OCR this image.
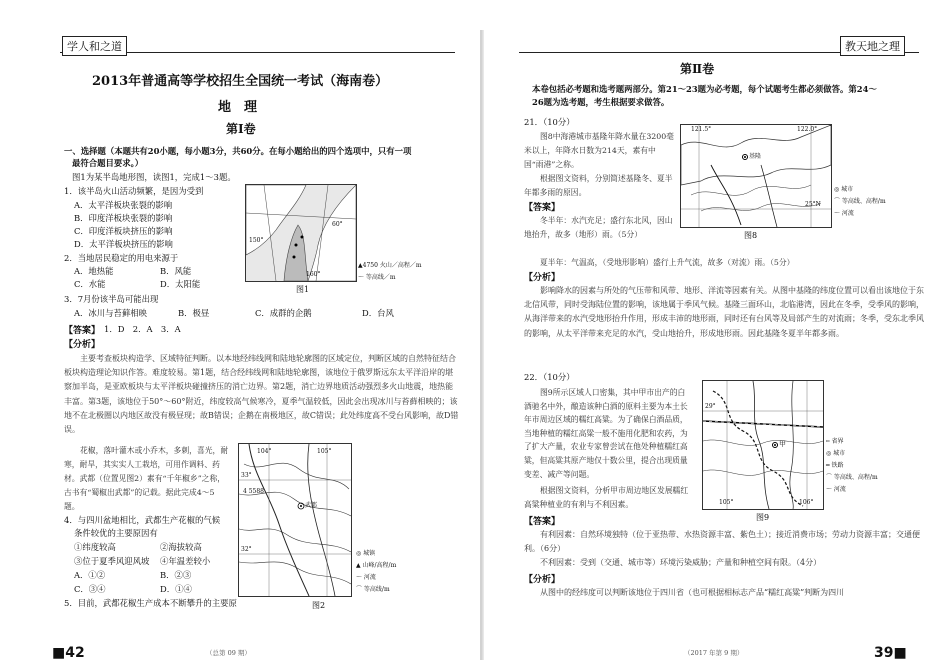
学人和之道
2013年普通高等学校招生全国统一考试（海南卷）
地　理
第Ⅰ卷
一、选择题（本题共有20小题，每小题3分，共60分。在每小题给出的四个选项中，只有一项
最符合题目要求。）
图1为某半岛地形图，读图1，完成1～3题。
1．该半岛火山活动频繁，是因为受到
A．太平洋板块张裂的影响
B．印度洋板块张裂的影响
C．印度洋板块挤压的影响
D．太平洋板块挤压的影响
2．当地居民稳定的用电来源于
A．地热能	B．风能
C．水能	D．太阳能
3．7月份该半岛可能出现
A．冰川与苔藓相映	B．极昼	C．成群的企鹅	D．台风
60°
150°
160°
▲4750 火山／高程／m
～ 等高线／m
图1
【答案】 1．D　2．A　3．A
【分析】
主要考查板块构造学、区域特征判断。以本地经纬线网和陆地轮廓图的区域定位，判断区域的自然特征结合板块构造理论知识作答。难度较易。第1题，结合经纬线网和陆地轮廓图，该地位于俄罗斯远东太平洋沿岸的堪察加半岛，是亚欧板块与太平洋板块碰撞挤压的消亡边界。第2题，消亡边界地质活动强烈多火山地震，地热能丰富。第3题，该地位于50°～60°附近，纬度较高气候寒冷，夏季气温较低，因此会出现冰川与苔藓相映的；该地不在北极圈以内地区故没有极昼现；故B错误；企鹅在南极地区，故C错误；此处纬度高不受台风影响，故D错误。
花椒，落叶灌木或小乔木，多刺，喜光，耐寒，耐旱，其实实人工栽培，可用作调料、药材。武都（位置见图2）素有“千年椒乡”之称，古书有“蜀椒出武都”的记载。据此完成4～5题。
4．与四川盆地相比，武都生产花椒的气候
条件较优的主要原因有
①纬度较高	②海拔较高
③位于夏季风迎风坡 ④年温差较小
A．①②	B．②③
C．③④	D．①④
5．目前，武都花椒生产成本不断攀升的主要原
33°
32°
104°	105°
4 5588
武都
◎ 城镇
▲ 山峰/高程/m
～ 河流
⌒ 等高线/m
图2
■42	（总第 09 期）
教天地之理
第Ⅱ卷
本卷包括必考题和选考题两部分。第21～23题为必考题，每个试题考生都必须做答。第24～
26题为选考题，考生根据要求做答。
21．（10分）
图8中海港城市基隆年降水量在3200毫米以上，年降水日数为214天，素有中国“雨港”之称。
根据图文资料，分别简述基隆冬、夏半年都多雨的原因。
【答案】
冬半年：水汽充足；盛行东北风，因山地抬升，故多（地形）雨。（5分）
夏半年：气温高，（受地形影响）盛行上升气流，故多（对流）雨。（5分）
【分析】
影响降水的因素与所处的气压带和风带、地形、洋流等因素有关。从图中基隆的纬度位置可以看出该地位于东北信风带，同时受海陆位置的影响，该地属于季风气候。基隆三面环山，北临港湾，因此在冬季，受季风的影响，从海洋带来的水汽受地形抬升作用，形成丰沛的地形雨，同时还有台风等及局部产生的对流雨；冬季，受东北季风的影响，从太平洋带来充足的水汽，受山地抬升，形成地形雨。因此基隆冬夏半年都多雨。
121.5°	122.0°
25°N
基隆
◎ 城市
⌒ 等高线、高程/m
～ 河流
图8
22．（10分）
图9所示区域人口密集，其中甲市出产的白酒驰名中外，酿造该种白酒的原料主要为本土长年市周边区域的糯红高粱。为了确保白酒品质，当地种植的糯红高粱一般不施用化肥和农药，为了扩大产量，农业专家曾尝试在他处种植糯红高粱，但高粱其原产地仅十数公里，提合出现质量变差、减产等问题。
根据图文资料，分析甲市周边地区发展糯红高粱种植业的有利与不利因素。
【答案】
有利因素：自然环境独特（位于亚热带、水热资源丰富、紫色土）；接近消费市场；劳动力资源丰富；交通便利。（6分）
不利因素：受到（交通、城市等）环境污染威胁；产量和种植空间有限。（4分）
【分析】
从图中的经纬度可以判断该地位于四川省（也可根据相标志产品“糯红高粱”判断为四川
29°
105°	106°
甲	┅ 省界
◎ 城市
═ 铁路
⌒ 等高线、高程/m
～ 河流
图9
39■
（2017 年第 9 期）
